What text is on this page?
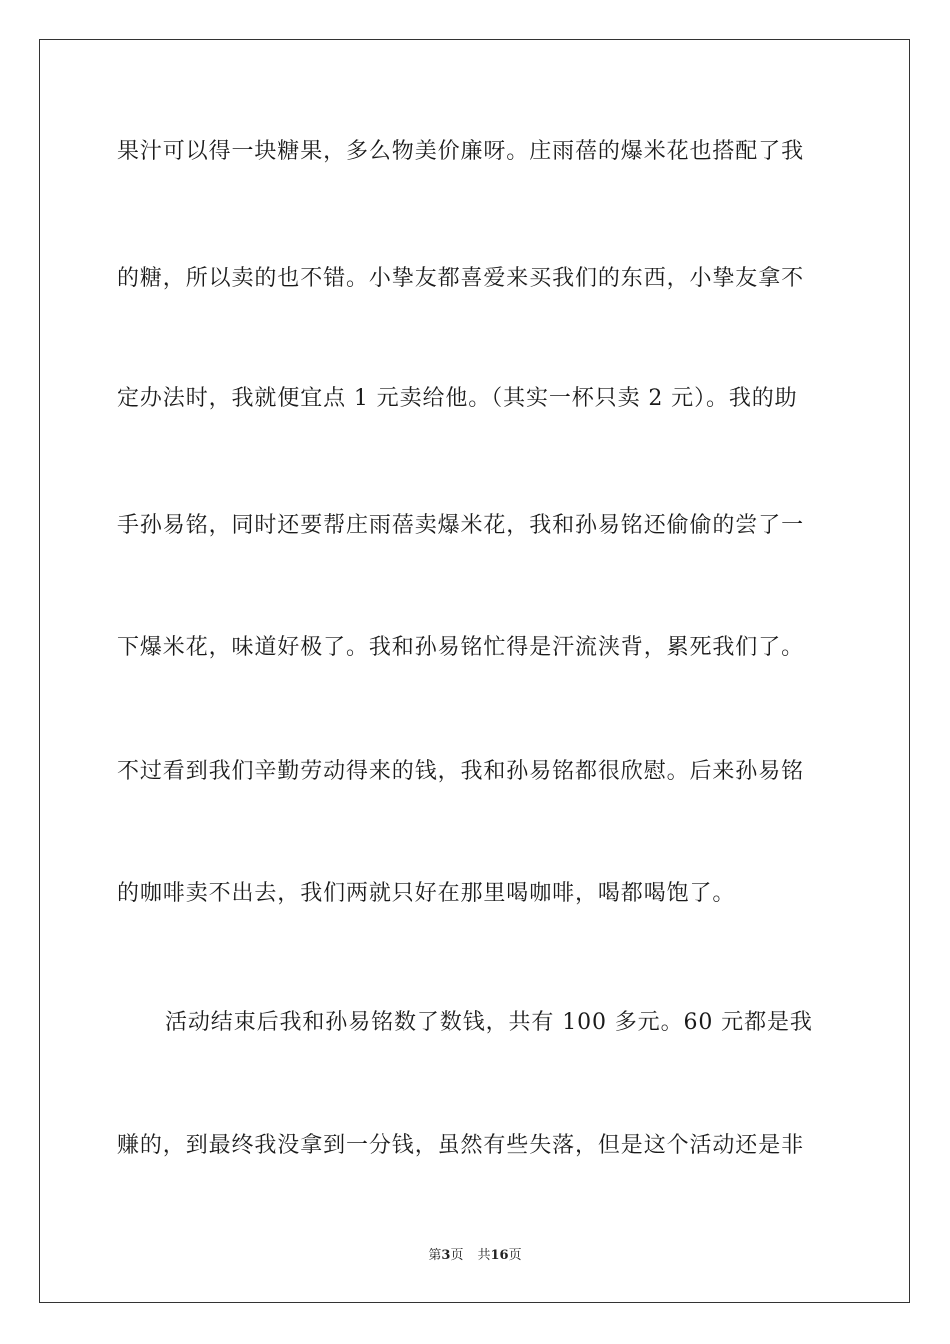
果汁可以得一块糖果，多么物美价廉呀。庄雨蓓的爆米花也搭配了我
的糖，所以卖的也不错。小挚友都喜爱来买我们的东西，小挚友拿不
定办法时，我就便宜点 1 元卖给他。（其实一杯只卖 2 元）。我的助
手孙易铭，同时还要帮庄雨蓓卖爆米花，我和孙易铭还偷偷的尝了一
下爆米花，味道好极了。我和孙易铭忙得是汗流浃背，累死我们了。
不过看到我们辛勤劳动得来的钱，我和孙易铭都很欣慰。后来孙易铭
的咖啡卖不出去，我们两就只好在那里喝咖啡，喝都喝饱了。
活动结束后我和孙易铭数了数钱，共有 100 多元。60 元都是我
赚的，到最终我没拿到一分钱，虽然有些失落，但是这个活动还是非
第3页 共16页
